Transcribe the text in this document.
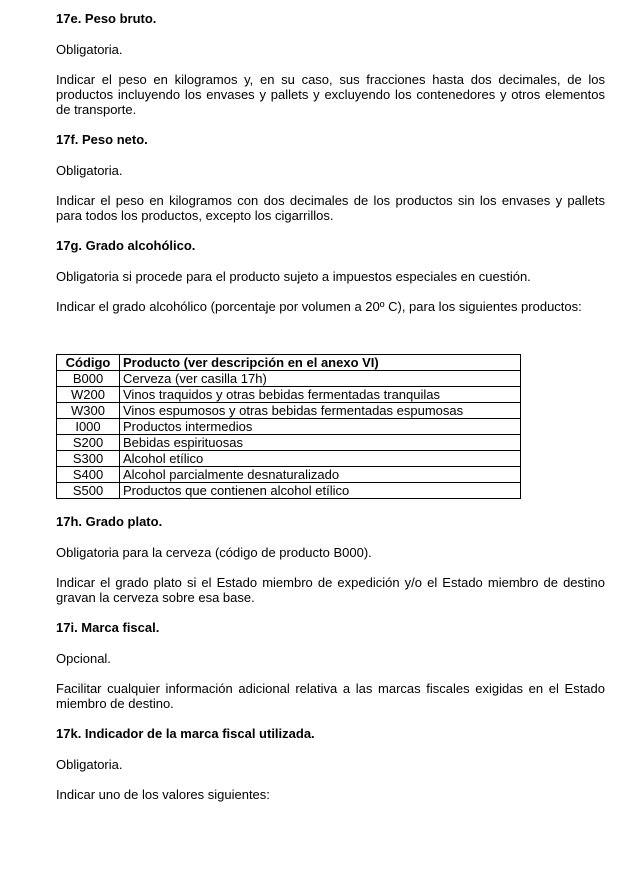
17e. Peso bruto.

Obligatoria.

Indicar el peso en kilogramos y, en su caso, sus fracciones hasta dos decimales, de los productos incluyendo los envases y pallets y excluyendo los contenedores y otros elementos de transporte.

17f. Peso neto.

Obligatoria.

Indicar el peso en kilogramos con dos decimales de los productos sin los envases y pallets para todos los productos, excepto los cigarrillos.

17g. Grado alcohólico.

Obligatoria si procede para el producto sujeto a impuestos especiales en cuestión.

Indicar el grado alcohólico (porcentaje por volumen a 20º C), para los siguientes productos:

Código	Producto (ver descripción en el anexo VI)
B000	Cerveza (ver casilla 17h)
W200	Vinos traquidos y otras bebidas fermentadas tranquilas
W300	Vinos espumosos y otras bebidas fermentadas espumosas
I000	Productos intermedios
S200	Bebidas espirituosas
S300	Alcohol etílico
S400	Alcohol parcialmente desnaturalizado
S500	Productos que contienen alcohol etílico

17h. Grado plato.

Obligatoria para la cerveza (código de producto B000).

Indicar el grado plato si el Estado miembro de expedición y/o el Estado miembro de destino gravan la cerveza sobre esa base.

17i. Marca fiscal.

Opcional.

Facilitar cualquier información adicional relativa a las marcas fiscales exigidas en el Estado miembro de destino.

17k. Indicador de la marca fiscal utilizada.

Obligatoria.

Indicar uno de los valores siguientes:
